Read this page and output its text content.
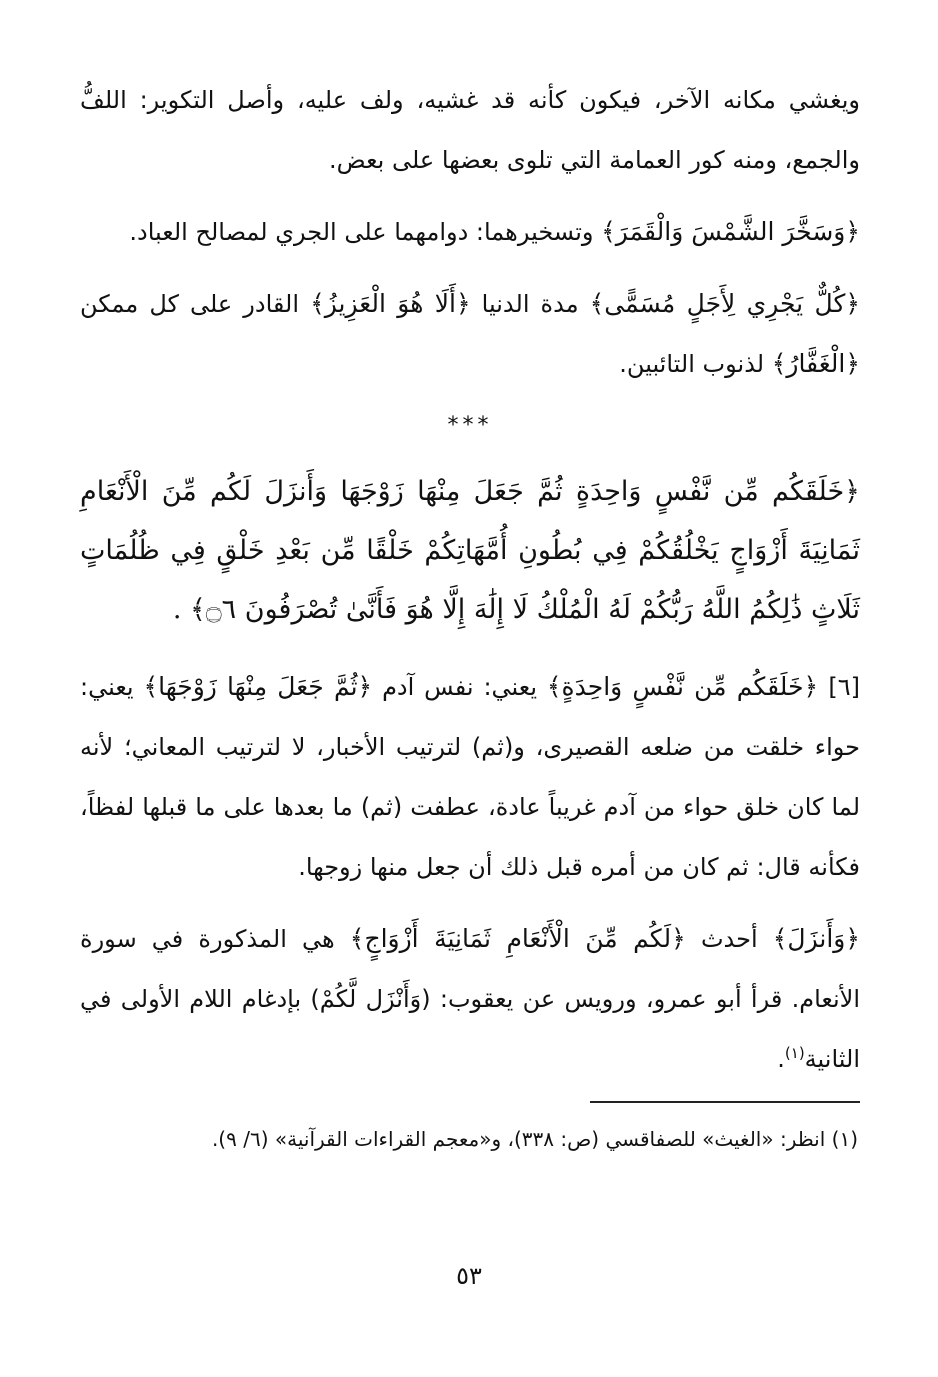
ويغشي مكانه الآخر، فيكون كأنه قد غشيه، ولف عليه، وأصل التكوير: اللفُّ والجمع، ومنه كور العمامة التي تلوى بعضها على بعض.

﴿وَسَخَّرَ الشَّمْسَ وَالْقَمَرَ﴾ وتسخيرهما: دوامهما على الجري لمصالح العباد.

﴿كُلٌّ يَجْرِي لِأَجَلٍ مُسَمًّى﴾ مدة الدنيا ﴿أَلَا هُوَ الْعَزِيزُ﴾ القادر على كل ممكن ﴿الْغَفَّارُ﴾ لذنوب التائبين.

***

﴿خَلَقَكُم مِّن نَّفْسٍ وَاحِدَةٍ ثُمَّ جَعَلَ مِنْهَا زَوْجَهَا وَأَنزَلَ لَكُم مِّنَ الْأَنْعَامِ ثَمَانِيَةَ أَزْوَاجٍ يَخْلُقُكُمْ فِي بُطُونِ أُمَّهَاتِكُمْ خَلْقًا مِّن بَعْدِ خَلْقٍ فِي ظُلُمَاتٍ ثَلَاثٍ ذَٰلِكُمُ اللَّهُ رَبُّكُمْ لَهُ الْمُلْكُ لَا إِلَٰهَ إِلَّا هُوَ فَأَنَّىٰ تُصْرَفُونَ ۝٦﴾ .

[٦] ﴿خَلَقَكُم مِّن نَّفْسٍ وَاحِدَةٍ﴾ يعني: نفس آدم ﴿ثُمَّ جَعَلَ مِنْهَا زَوْجَهَا﴾ يعني: حواء خلقت من ضلعه القصيرى، و(ثم) لترتيب الأخبار، لا لترتيب المعاني؛ لأنه لما كان خلق حواء من آدم غريباً عادة، عطفت (ثم) ما بعدها على ما قبلها لفظاً، فكأنه قال: ثم كان من أمره قبل ذلك أن جعل منها زوجها.

﴿وَأَنزَلَ﴾ أحدث ﴿لَكُم مِّنَ الْأَنْعَامِ ثَمَانِيَةَ أَزْوَاجٍ﴾ هي المذكورة في سورة الأنعام. قرأ أبو عمرو، ورويس عن يعقوب: (وَأَنْزَل لَّكُمْ) بإدغام اللام الأولى في الثانية$^{(١)}$.

(١) انظر: «الغيث» للصفاقسي (ص: ٣٣٨)، و«معجم القراءات القرآنية» (٦/ ٩).

٥٣
